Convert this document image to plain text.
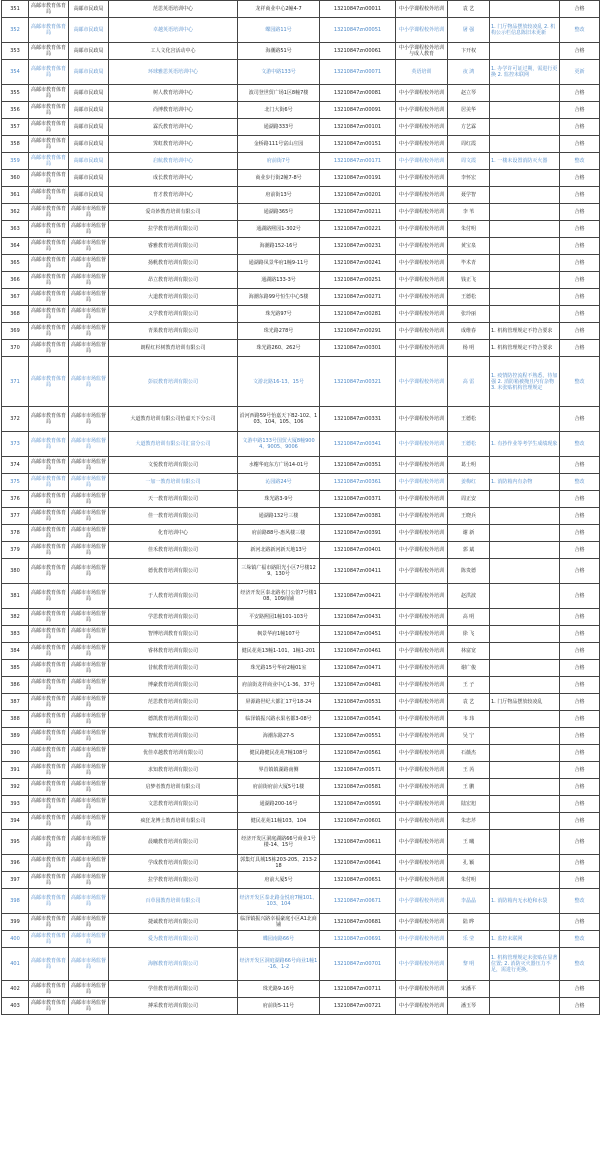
351	高邮市教育体育局	高邮市民政局	范思英语培训中心	龙祥商业中心2幢4-7	13210847zn00011	中小学课程校外培训	袁 艺		合格
352	高邮市教育体育局	高邮市民政局	卓越英语培训中心	蝶园路11号	13210847zn00051	中小学课程校外培训	屠 强	1. 门厅物品摆放较凌乱 2. 机构公示栏信息陈旧未更新	整改
353	高邮市教育体育局	高邮市民政局	工人文化宫活动中心	海潮路51号	13210847zn00061	中小学课程校外培训与成人教育	卞开权		合格
354	高邮市教育体育局	高邮市民政局	环球雅思英语培训中心	文游中路133号	13210847zn00071	英语培训	夜 鸿	1. 办学许可证过期，需进行更换 2. 监控未联网	更新
355	高邮市教育体育局	高邮市民政局	树人教育培训中心	波司登世贸广场1区8幢7楼	13210847zn00081	中小学课程校外培训	赵立琴		合格
356	高邮市教育体育局	高邮市民政局	尚博教育培训中心	北门大街6号	13210847zn00091	中小学课程校外培训	居美华		合格
357	高邮市教育体育局	高邮市民政局	霖氏教育培训中心	通湖路333号	13210847zn00101	中小学课程校外培训	方艺霖		合格
358	高邮市教育体育局	高邮市民政局	霁虹教育培训中心	金桥路111号富山庄园	13210847zn00151	中小学课程校外培训	周红霞		合格
359	高邮市教育体育局	高邮市民政局	启航教育培训中心	府前街7号	13210847zn00171	中小学课程校外培训	周文霞	1. 一楼未设置消防灭火器	整改
360	高邮市教育体育局	高邮市民政局	成长教育培训中心	商业步行街2幢7-8号	13210847zn00191	中小学课程校外培训	李怀宏		合格
361	高邮市教育体育局	高邮市民政局	育才教育培训中心	府前街13号	13210847zn00201	中小学课程校外培训	聂学智		合格
362	高邮市教育体育局	高邮市市场监督局	爱奇妙教育培训有限公司	通湖路365号	13210847zn00211	中小学课程校外培训	李 苇		合格
363	高邮市教育体育局	高邮市市场监督局	拉学教育培训有限公司	通湖路熙园1-302号	13210847zn00221	中小学课程校外培训	朱付明		合格
364	高邮市教育体育局	高邮市市场监督局	睿雅教育培训有限公司	海潮路152-16号	13210847zn00231	中小学课程校外培训	黄宝泉		合格
365	高邮市教育体育局	高邮市市场监督局	扬帆教育培训有限公司	通湖路凤景华府1幢9-11号	13210847zn00241	中小学课程校外培训	毕术青		合格
366	高邮市教育体育局	高邮市市场监督局	昂立教育培训有限公司	通湖路133-3号	13210847zn00251	中小学课程校外培训	钱正飞		合格
367	高邮市教育体育局	高邮市市场监督局	大道教育培训有限公司	海潮东路99号恒生中心5楼	13210847zn00271	中小学课程校外培训	王德松		合格
368	高邮市教育体育局	高邮市市场监督局	义学教育培训有限公司	珠光路97号	13210847zn00281	中小学课程校外培训	张玲丽		合格
369	高邮市教育体育局	高邮市市场监督局	青果教育培训有限公司	珠光路278号	13210847zn00291	中小学课程校外培训	成维春	1. 机构管理规定不符合要求	合格
370	高邮市教育体育局	高邮市市场监督局	朗程红杉树教育培训有限公司	珠光路260、262号	13210847zn00301	中小学课程校外培训	杨 明	1. 机构管理规定不符合要求	合格
371	高邮市教育体育局	高邮市市场监督局	彭辰教育培训有限公司	文游北路16-13、15号	13210847zn00321	中小学课程校外培训	高 雷	1. 疫情防控流程不熟悉，待加强 2. 消防箱被掩且内有杂物 3. 未张贴机构管理规定	整改
372	高邮市教育体育局	高邮市市场监督局	大道教育培训有限公司怡嘉天下分公司	沿河西路59号怡嘉天下B2-102、103、104、105、106	13210847zn00331	中小学课程校外培训	王德松		合格
373	高邮市教育体育局	高邮市市场监督局	大道教育培训有限公司汇富分公司	文游中路133号国贸大厦8幢9004、9005、9006	13210847zn00341	中小学课程校外培训	王德松	1. 有抄作业等考学生成绩现象	整改
374	高邮市教育体育局	高邮市市场监督局	文悦教育培训有限公司	水榭华庭东方广场14-01号	13210847zn00351	中小学课程校外培训	葛士明		合格
375	高邮市教育体育局	高邮市市场监督局	一加一教育培训有限公司	沁园路24号	13210847zn00361	中小学课程校外培训	姜梅红	1. 消防箱内有杂物	整改
376	高邮市教育体育局	高邮市市场监督局	天一教育培训有限公司	珠光路3-9号	13210847zn00371	中小学课程校外培训	周正安		合格
377	高邮市教育体育局	高邮市市场监督局	佳一教育培训有限公司	通湖路132号三楼	13210847zn00381	中小学课程校外培训	王晓兵		合格
378	高邮市教育体育局	高邮市市场监督局	化育培训中心	府前路88号-惠风楼三楼	13210847zn00391	中小学课程校外培训	谢 新		合格
379	高邮市教育体育局	高邮市市场监督局	佳禾教育培训有限公司	新河北路新河新天地13号	13210847zn00401	中小学课程校外培训	郭 斌		合格
380	高邮市教育体育局	高邮市市场监督局	德优教育培训有限公司	三垛镇广福市路阳光小区7号楼129、130号	13210847zn00411	中小学课程校外培训	陈贵德		合格
381	高邮市教育体育局	高邮市市场监督局	于人教育培训有限公司	经济开发区泰北路名门公馆7号楼108、109商铺	13210847zn00421	中小学课程校外培训	赵洪波		合格
382	高邮市教育体育局	高邮市市场监督局	学思教育培训有限公司	平安路熙园1幢101-103号	13210847zn00431	中小学课程校外培训	高 明		合格
383	高邮市教育体育局	高邮市市场监督局	智博培训教育有限公司	枫景华府1幢107号	13210847zn00451	中小学课程校外培训	徐 飞		合格
384	高邮市教育体育局	高邮市市场监督局	睿林教育培训有限公司	健民花苑13幢1-101、1幢1-201	13210847zn00461	中小学课程校外培训	林富宽		合格
385	高邮市教育体育局	高邮市市场监督局	昔航教育培训有限公司	珠光路15号华府2幢01室	13210847zn00471	中小学课程校外培训	谢广俊		合格
386	高邮市教育体育局	高邮市市场监督局	博豪教育培训有限公司	府前街龙祥商业中心1-36、37号	13210847zn00481	中小学课程校外培训	王 子		合格
387	高邮市教育体育局	高邮市市场监督局	范思教育培训有限公司	屏源路世纪大都汇17号18-24	13210847zn00531	中小学课程校外培训	袁 艺	1. 门厅物品摆放较凌乱	合格
388	高邮市教育体育局	高邮市市场监督局	德凯教育培训有限公司	临泽镇振兴路水果名都3-08号	13210847zn00541	中小学课程校外培训	韦 玮		合格
389	高邮市教育体育局	高邮市市场监督局	智航教育培训有限公司	海潮东路27-5	13210847zn00551	中小学课程校外培训	吴 宁		合格
390	高邮市教育体育局	高邮市市场监督局	优佳卓越教育培训有限公司	健民路健民花苑7幢108号	13210847zn00561	中小学课程校外培训	石薇杰		合格
391	高邮市教育体育局	高邮市市场监督局	求知教育培训有限公司	界首镇镇湖路南侧	13210847zn00571	中小学课程校外培训	王 芮		合格
392	高邮市教育体育局	高邮市市场监督局	启梦者教育培训有限公司	府前街府前大厦5号1楼	13210847zn00581	中小学课程校外培训	王 鹏		合格
393	高邮市教育体育局	高邮市市场监督局	文思教育培训有限公司	通湖路200-16号	13210847zn00591	中小学课程校外培训	陆宏旭		合格
394	高邮市教育体育局	高邮市市场监督局	疯狂龙博士教育培训有限公司	健民花苑11幢103、104	13210847zn00601	中小学课程校外培训	朱忠芹		合格
395	高邮市教育体育局	高邮市市场监督局	晨曦教育培训有限公司	经济开发区洞庭湖路66号商业1号楼-14、15号	13210847zn00611	中小学课程校外培训	王 曦		合格
396	高邮市教育体育局	高邮市市场监督局	学成教育培训有限公司	郭集灯具城15栋203-205、213-218	13210847zn00641	中小学课程校外培训	孔 颖		合格
397	高邮市教育体育局	高邮市市场监督局	拉学教育培训有限公司	府前大厦5号	13210847zn00651	中小学课程校外培训	朱付明		合格
398	高邮市教育体育局	高邮市市场监督局	百草园教育培训有限公司	经济开发区泰北路金悦府7幢101、103、104	13210847zn00671	中小学课程校外培训	李晶晶	1. 消防箱内无水枪和水袋	整改
399	高邮市教育体育局	高邮市市场监督局	捷诚教育培训有限公司	临泽镇振兴路幸福豪庭小区A1北商铺	13210847zn00681	中小学课程校外培训	陆 晔		合格
400	高邮市教育体育局	高邮市市场监督局	爱为教育培训有限公司	蝶园南路66号	13210847zn00691	中小学课程校外培训	乐 莹	1. 监控未联网	整改
401	高邮市教育体育局	高邮市市场监督局	海豚教育培训有限公司	经济开发区洞庭湖路66号商业1幢1-16、1-2	13210847zn00701	中小学课程校外培训	黎 明	1. 机构管理规定未张贴在显著位置; 2. 消防灭火器压力不足，需进行更换。	整改
402	高邮市教育体育局	高邮市市场监督局	学佳教育培训有限公司	珠光路9-16号	13210847zn00711	中小学课程校外培训	宋潘平		合格
403	高邮市教育体育局	高邮市市场监督局	搏采教育培训有限公司	府前街5-11号	13210847zn00721	中小学课程校外培训	潘玉琴		合格
